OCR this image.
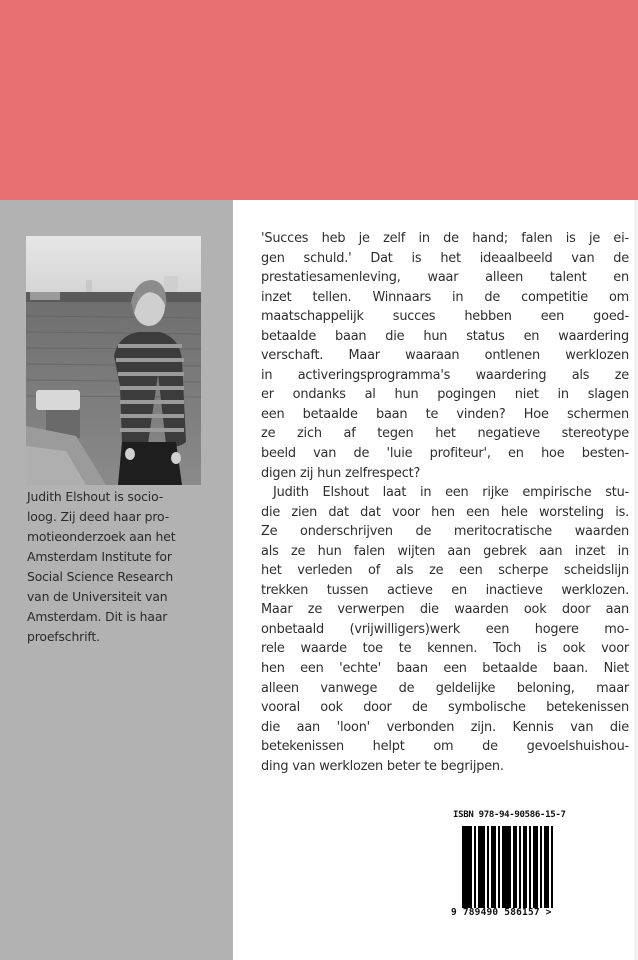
Judith Elshout is socio-
loog. Zij deed haar pro-
motieonderzoek aan het
Amsterdam Institute for
Social Science Research
van de Universiteit van
Amsterdam. Dit is haar
proefschrift.
'Succes heb je zelf in de hand; falen is je ei-
gen schuld.' Dat is het ideaalbeeld van de
prestatiesamenleving, waar alleen talent en
inzet tellen. Winnaars in de competitie om
maatschappelijk succes hebben een goed-
betaalde baan die hun status en waardering
verschaft. Maar waaraan ontlenen werklozen
in activeringsprogramma's waardering als ze
er ondanks al hun pogingen niet in slagen
een betaalde baan te vinden? Hoe schermen
ze zich af tegen het negatieve stereotype
beeld van de 'luie profiteur', en hoe besten-
digen zij hun zelfrespect?
Judith Elshout laat in een rijke empirische stu-
die zien dat dat voor hen een hele worsteling is.
Ze onderschrijven de meritocratische waarden
als ze hun falen wijten aan gebrek aan inzet in
het verleden of als ze een scherpe scheidslijn
trekken tussen actieve en inactieve werklozen.
Maar ze verwerpen die waarden ook door aan
onbetaald (vrijwilligers)werk een hogere mo-
rele waarde toe te kennen. Toch is ook voor
hen een 'echte' baan een betaalde baan. Niet
alleen vanwege de geldelijke beloning, maar
vooral ook door de symbolische betekenissen
die aan 'loon' verbonden zijn. Kennis van die
betekenissen helpt om de gevoelshuishou-
ding van werklozen beter te begrijpen.
ISBN 978-94-90586-15-7
9 789490 586157 >
